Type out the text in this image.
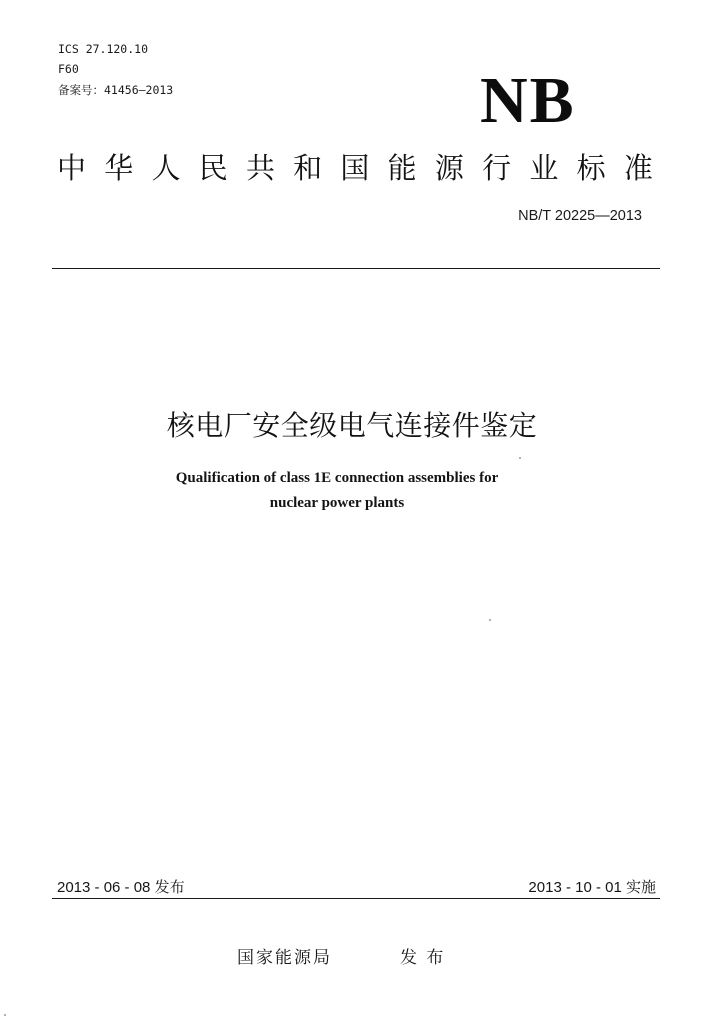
ICS 27.120.10
F60
备案号：41456—2013	NB
中 华 人 民 共 和 国 能 源 行 业 标 准
NB/T 20225—2013
核电厂安全级电气连接件鉴定
Qualification of class 1E connection assemblies for
nuclear power plants
2013 - 06 - 08 发布	2013 - 10 - 01 实施
国家能源局	发 布
